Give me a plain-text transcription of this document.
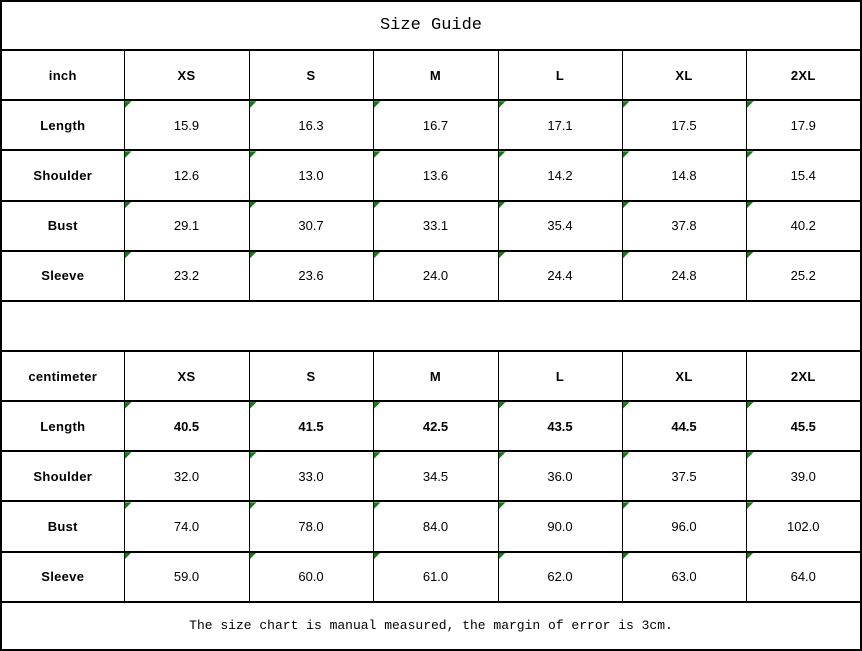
Size Guide						
inch	XS	S	M	L	XL	2XL
Length	15.9	16.3	16.7	17.1	17.5	17.9
Shoulder	12.6	13.0	13.6	14.2	14.8	15.4
Bust	29.1	30.7	33.1	35.4	37.8	40.2
Sleeve	23.2	23.6	24.0	24.4	24.8	25.2

centimeter	XS	S	M	L	XL	2XL
Length	40.5	41.5	42.5	43.5	44.5	45.5
Shoulder	32.0	33.0	34.5	36.0	37.5	39.0
Bust	74.0	78.0	84.0	90.0	96.0	102.0
Sleeve	59.0	60.0	61.0	62.0	63.0	64.0
The size chart is manual measured, the margin of error is 3cm.						
